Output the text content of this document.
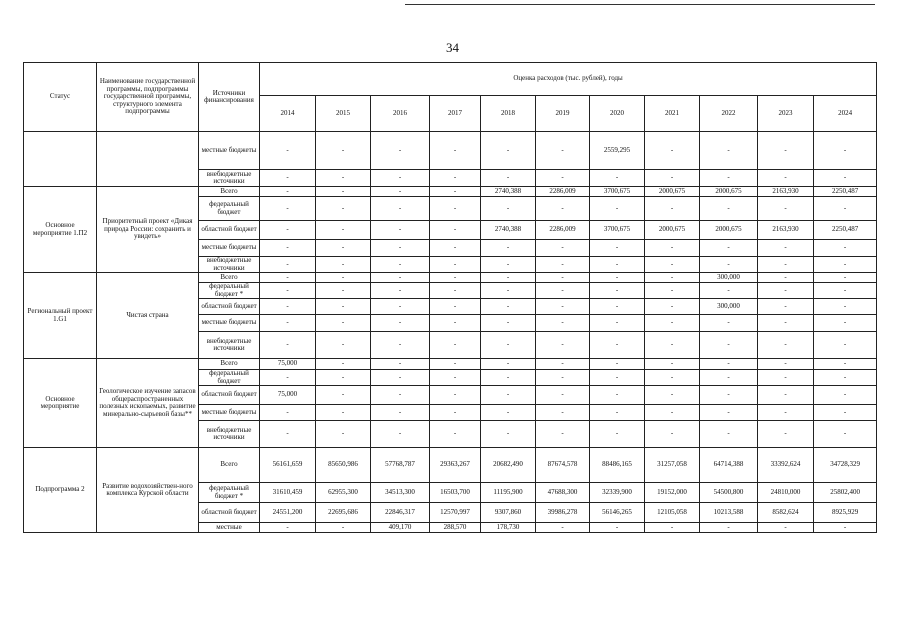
34
Статус	Наименование государственной программы, подпрограммы государственной программы, структурного элемента подпрограммы	Источники финансирования	Оценка расходов (тыс. рублей), годы										
			2014	2015	2016	2017	2018	2019	2020	2021	2022	2023	2024
		местные бюджеты	-	-	-	-	-	-	2559,295	-	-	-	-
		внебюджетные источники	-	-	-	-	-	-	-	-	-	-	-
Основное мероприятие 1.П2	Приоритетный проект «Дикая природа России: сохранить и увидеть»	Всего	-	-	-	-	2740,388	2286,009	3700,675	2000,675	2000,675	2163,930	2250,487
		федеральный бюджет	-	-	-	-	-	-	-	-	-	-	-
		областной бюджет	-	-	-	-	2740,388	2286,009	3700,675	2000,675	2000,675	2163,930	2250,487
		местные бюджеты	-	-	-	-	-	-	-	-	-	-	-
		внебюджетные источники	-	-	-	-	-	-	-	-	-	-	-
Региональный проект 1.G1	Чистая страна	Всего	-	-	-	-	-	-	-	-	300,000	-	-
		федеральный бюджет *	-	-	-	-	-	-	-	-	-	-	-
		областной бюджет	-	-	-	-	-	-	-	-	300,000	-	-
		местные бюджеты	-	-	-	-	-	-	-	-	-	-	-
		внебюджетные источники	-	-	-	-	-	-	-	-	-	-	-
Основное мероприятие	Геологическое изучение запасов общераспространенных полезных ископаемых, развитие минерально-сырьевой базы**	Всего	75,000	-	-	-	-	-	-	-	-	-	-
		федеральный бюджет	-	-	-	-	-	-	-	-	-	-	-
		областной бюджет	75,000	-	-	-	-	-	-	-	-	-	-
		местные бюджеты	-	-	-	-	-	-	-	-	-	-	-
		внебюджетные источники	-	-	-	-	-	-	-	-	-	-	-
Подпрограмма 2	Развитие водохозяйствен-ного комплекса Курской области	Всего	56161,659	85650,986	57768,787	29363,267	20682,490	87674,578	88486,165	31257,058	64714,388	33392,624	34728,329
		федеральный бюджет *	31610,459	62955,300	34513,300	16503,700	11195,900	47688,300	32339,900	19152,000	54500,800	24810,000	25802,400
		областной бюджет	24551,200	22695,686	22846,317	12570,997	9307,860	39986,278	56146,265	12105,058	10213,588	8582,624	8925,929
		местные	-	-	409,170	288,570	178,730	-	-	-	-	-	-
